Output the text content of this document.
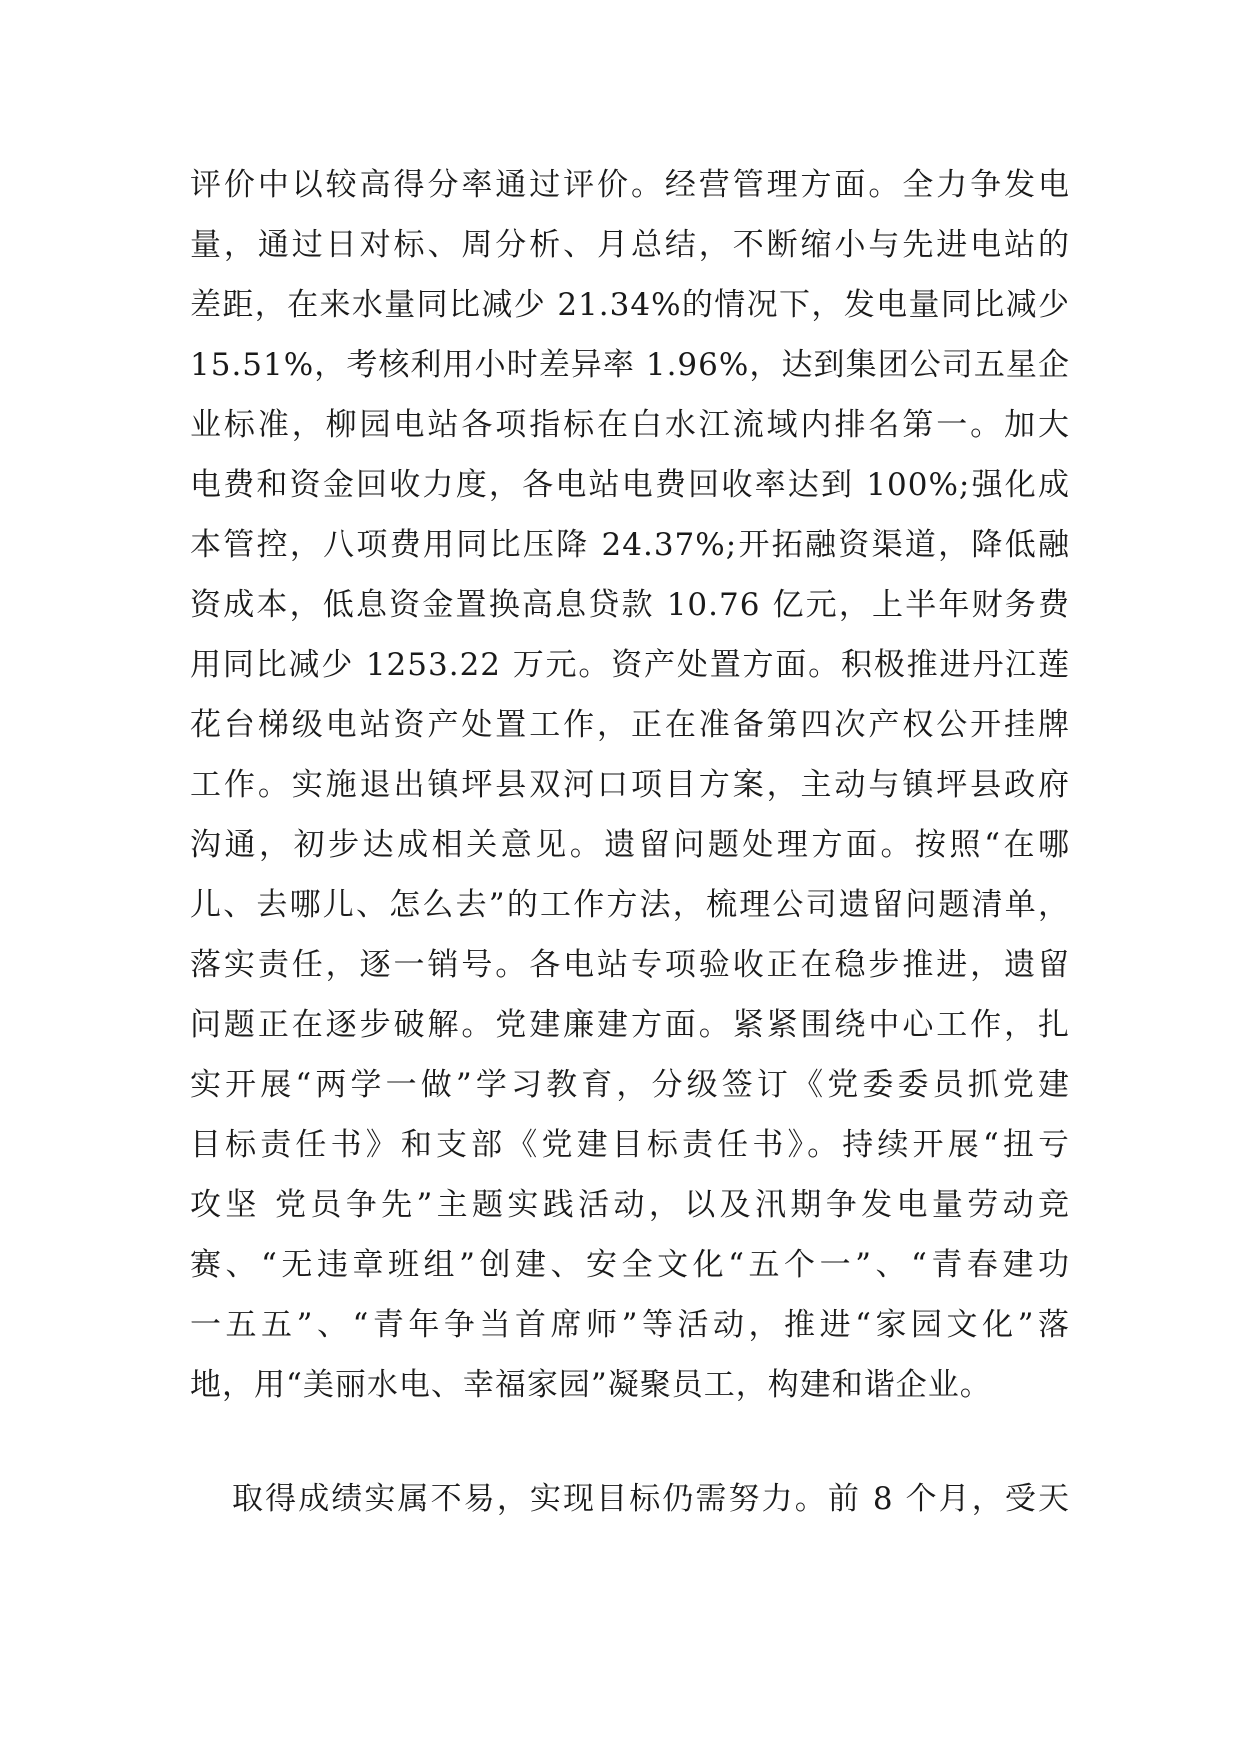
评价中以较高得分率通过评价。经营管理方面。全力争发电
量，通过日对标、周分析、月总结，不断缩小与先进电站的
差距，在来水量同比减少 21.34%的情况下，发电量同比减少
15.51%，考核利用小时差异率 1.96%，达到集团公司五星企
业标准，柳园电站各项指标在白水江流域内排名第一。加大
电费和资金回收力度，各电站电费回收率达到 100%;强化成
本管控，八项费用同比压降 24.37%;开拓融资渠道，降低融
资成本，低息资金置换高息贷款 10.76 亿元，上半年财务费
用同比减少 1253.22 万元。资产处置方面。积极推进丹江莲
花台梯级电站资产处置工作，正在准备第四次产权公开挂牌
工作。实施退出镇坪县双河口项目方案，主动与镇坪县政府
沟通，初步达成相关意见。遗留问题处理方面。按照“在哪
儿、去哪儿、怎么去”的工作方法，梳理公司遗留问题清单，
落实责任，逐一销号。各电站专项验收正在稳步推进，遗留
问题正在逐步破解。党建廉建方面。紧紧围绕中心工作，扎
实开展“两学一做”学习教育，分级签订《党委委员抓党建
目标责任书》和支部《党建目标责任书》。持续开展“扭亏
攻坚 党员争先”主题实践活动，以及汛期争发电量劳动竞
赛、“无违章班组”创建、安全文化“五个一”、“青春建功
一五五”、“青年争当首席师”等活动，推进“家园文化”落
地，用“美丽水电、幸福家园”凝聚员工，构建和谐企业。
取得成绩实属不易，实现目标仍需努力。前 8 个月，受天
